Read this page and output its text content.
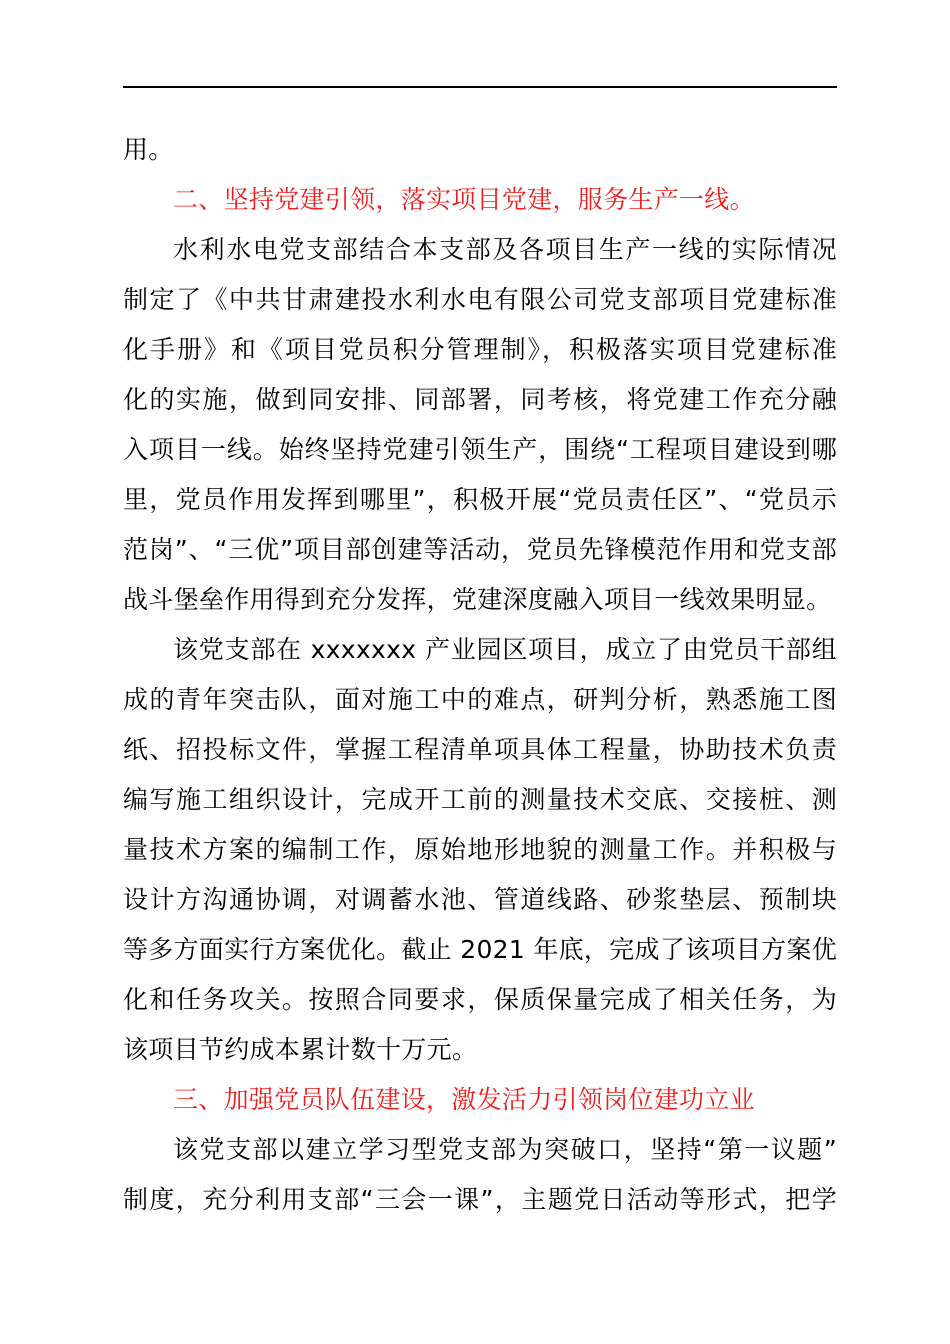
用。
二、坚持党建引领，落实项目党建，服务生产一线。
水利水电党支部结合本支部及各项目生产一线的实际情况
制定了《中共甘肃建投水利水电有限公司党支部项目党建标准
化手册》和《项目党员积分管理制》，积极落实项目党建标准
化的实施，做到同安排、同部署，同考核，将党建工作充分融
入项目一线。始终坚持党建引领生产，围绕“工程项目建设到哪
里，党员作用发挥到哪里”，积极开展“党员责任区”、“党员示
范岗”、“三优”项目部创建等活动，党员先锋模范作用和党支部
战斗堡垒作用得到充分发挥，党建深度融入项目一线效果明显。
该党支部在 xxxxxxx 产业园区项目，成立了由党员干部组
成的青年突击队，面对施工中的难点，研判分析，熟悉施工图
纸、招投标文件，掌握工程清单项具体工程量，协助技术负责
编写施工组织设计，完成开工前的测量技术交底、交接桩、测
量技术方案的编制工作，原始地形地貌的测量工作。并积极与
设计方沟通协调，对调蓄水池、管道线路、砂浆垫层、预制块
等多方面实行方案优化。截止 2021 年底，完成了该项目方案优
化和任务攻关。按照合同要求，保质保量完成了相关任务，为
该项目节约成本累计数十万元。
三、加强党员队伍建设，激发活力引领岗位建功立业
该党支部以建立学习型党支部为突破口，坚持“第一议题”
制度，充分利用支部“三会一课”，主题党日活动等形式，把学
